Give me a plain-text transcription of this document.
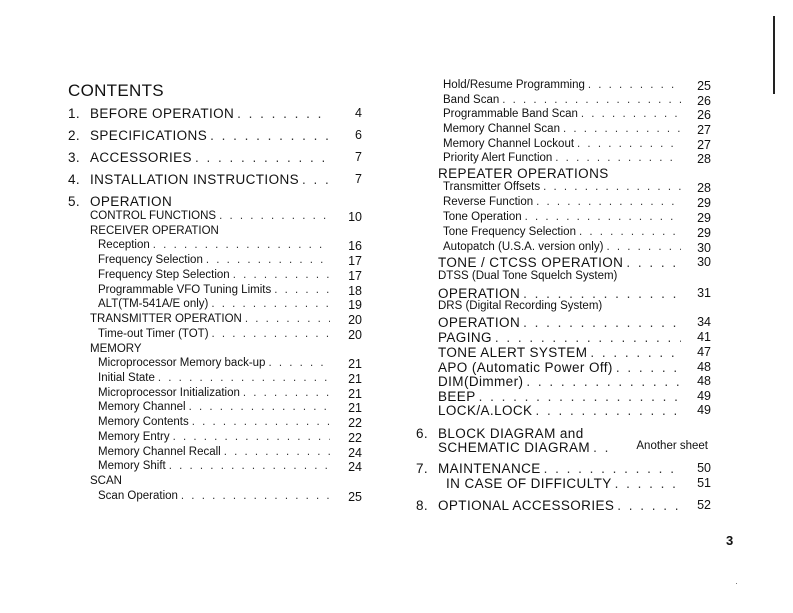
CONTENTS
1. BEFORE OPERATION . . .	4
2. SPECIFICATIONS . . .	6
3. ACCESSORIES . . .	7
4. INSTALLATION INSTRUCTIONS . . .	7
5. OPERATION
CONTROL FUNCTIONS . . .	10
RECEIVER OPERATION
Reception . . .	16
Frequency Selection . . .	17
Frequency Step Selection . . .	17
Programmable VFO Tuning Limits . . .	18
ALT(TM-541A/E only) . . .	19
TRANSMITTER OPERATION . . .	20
Time-out Timer (TOT) . . .	20
MEMORY
Microprocessor Memory back-up . . .	21
Initial State . . .	21
Microprocessor Initialization . . .	21
Memory Channel . . .	21
Memory Contents . . .	22
Memory Entry . . .	22
Memory Channel Recall . . .	24
Memory Shift . . .	24
SCAN
Scan Operation . . .	25
Hold/Resume Programming . . .	25
Band Scan . . .	26
Programmable Band Scan . . .	26
Memory Channel Scan . . .	27
Memory Channel Lockout . . .	27
Priority Alert Function . . .	28
REPEATER OPERATIONS
Transmitter Offsets . . .	28
Reverse Function . . .	29
Tone Operation . . .	29
Tone Frequency Selection . . .	29
Autopatch (U.S.A. version only) . . .	30
TONE / CTCSS OPERATION . . .	30
DTSS (Dual Tone Squelch System)
OPERATION . . .	31
DRS (Digital Recording System)
OPERATION . . .	34
PAGING . . .	41
TONE ALERT SYSTEM . . .	47
APO (Automatic Power Off) . . .	48
DIM(Dimmer) . . .	48
BEEP . . .	49
LOCK/A.LOCK . . .	49
6. BLOCK DIAGRAM and
SCHEMATIC DIAGRAM . . .	Another sheet
7. MAINTENANCE . . .	50
IN CASE OF DIFFICULTY . . .	51
8. OPTIONAL ACCESSORIES . . .	52
3
